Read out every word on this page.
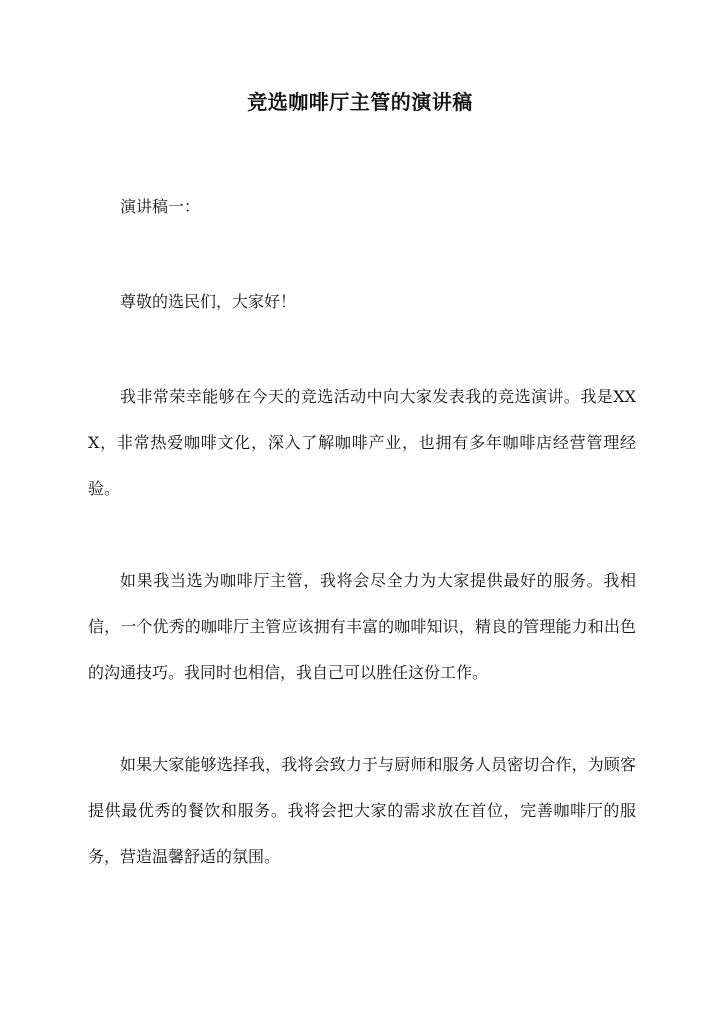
竞选咖啡厅主管的演讲稿
演讲稿一：
尊敬的选民们，大家好！
我非常荣幸能够在今天的竞选活动中向大家发表我的竞选演讲。我是XXX，非常热爱咖啡文化，深入了解咖啡产业，也拥有多年咖啡店经营管理经验。
如果我当选为咖啡厅主管，我将会尽全力为大家提供最好的服务。我相信，一个优秀的咖啡厅主管应该拥有丰富的咖啡知识，精良的管理能力和出色的沟通技巧。我同时也相信，我自己可以胜任这份工作。
如果大家能够选择我，我将会致力于与厨师和服务人员密切合作，为顾客提供最优秀的餐饮和服务。我将会把大家的需求放在首位，完善咖啡厅的服务，营造温馨舒适的氛围。
